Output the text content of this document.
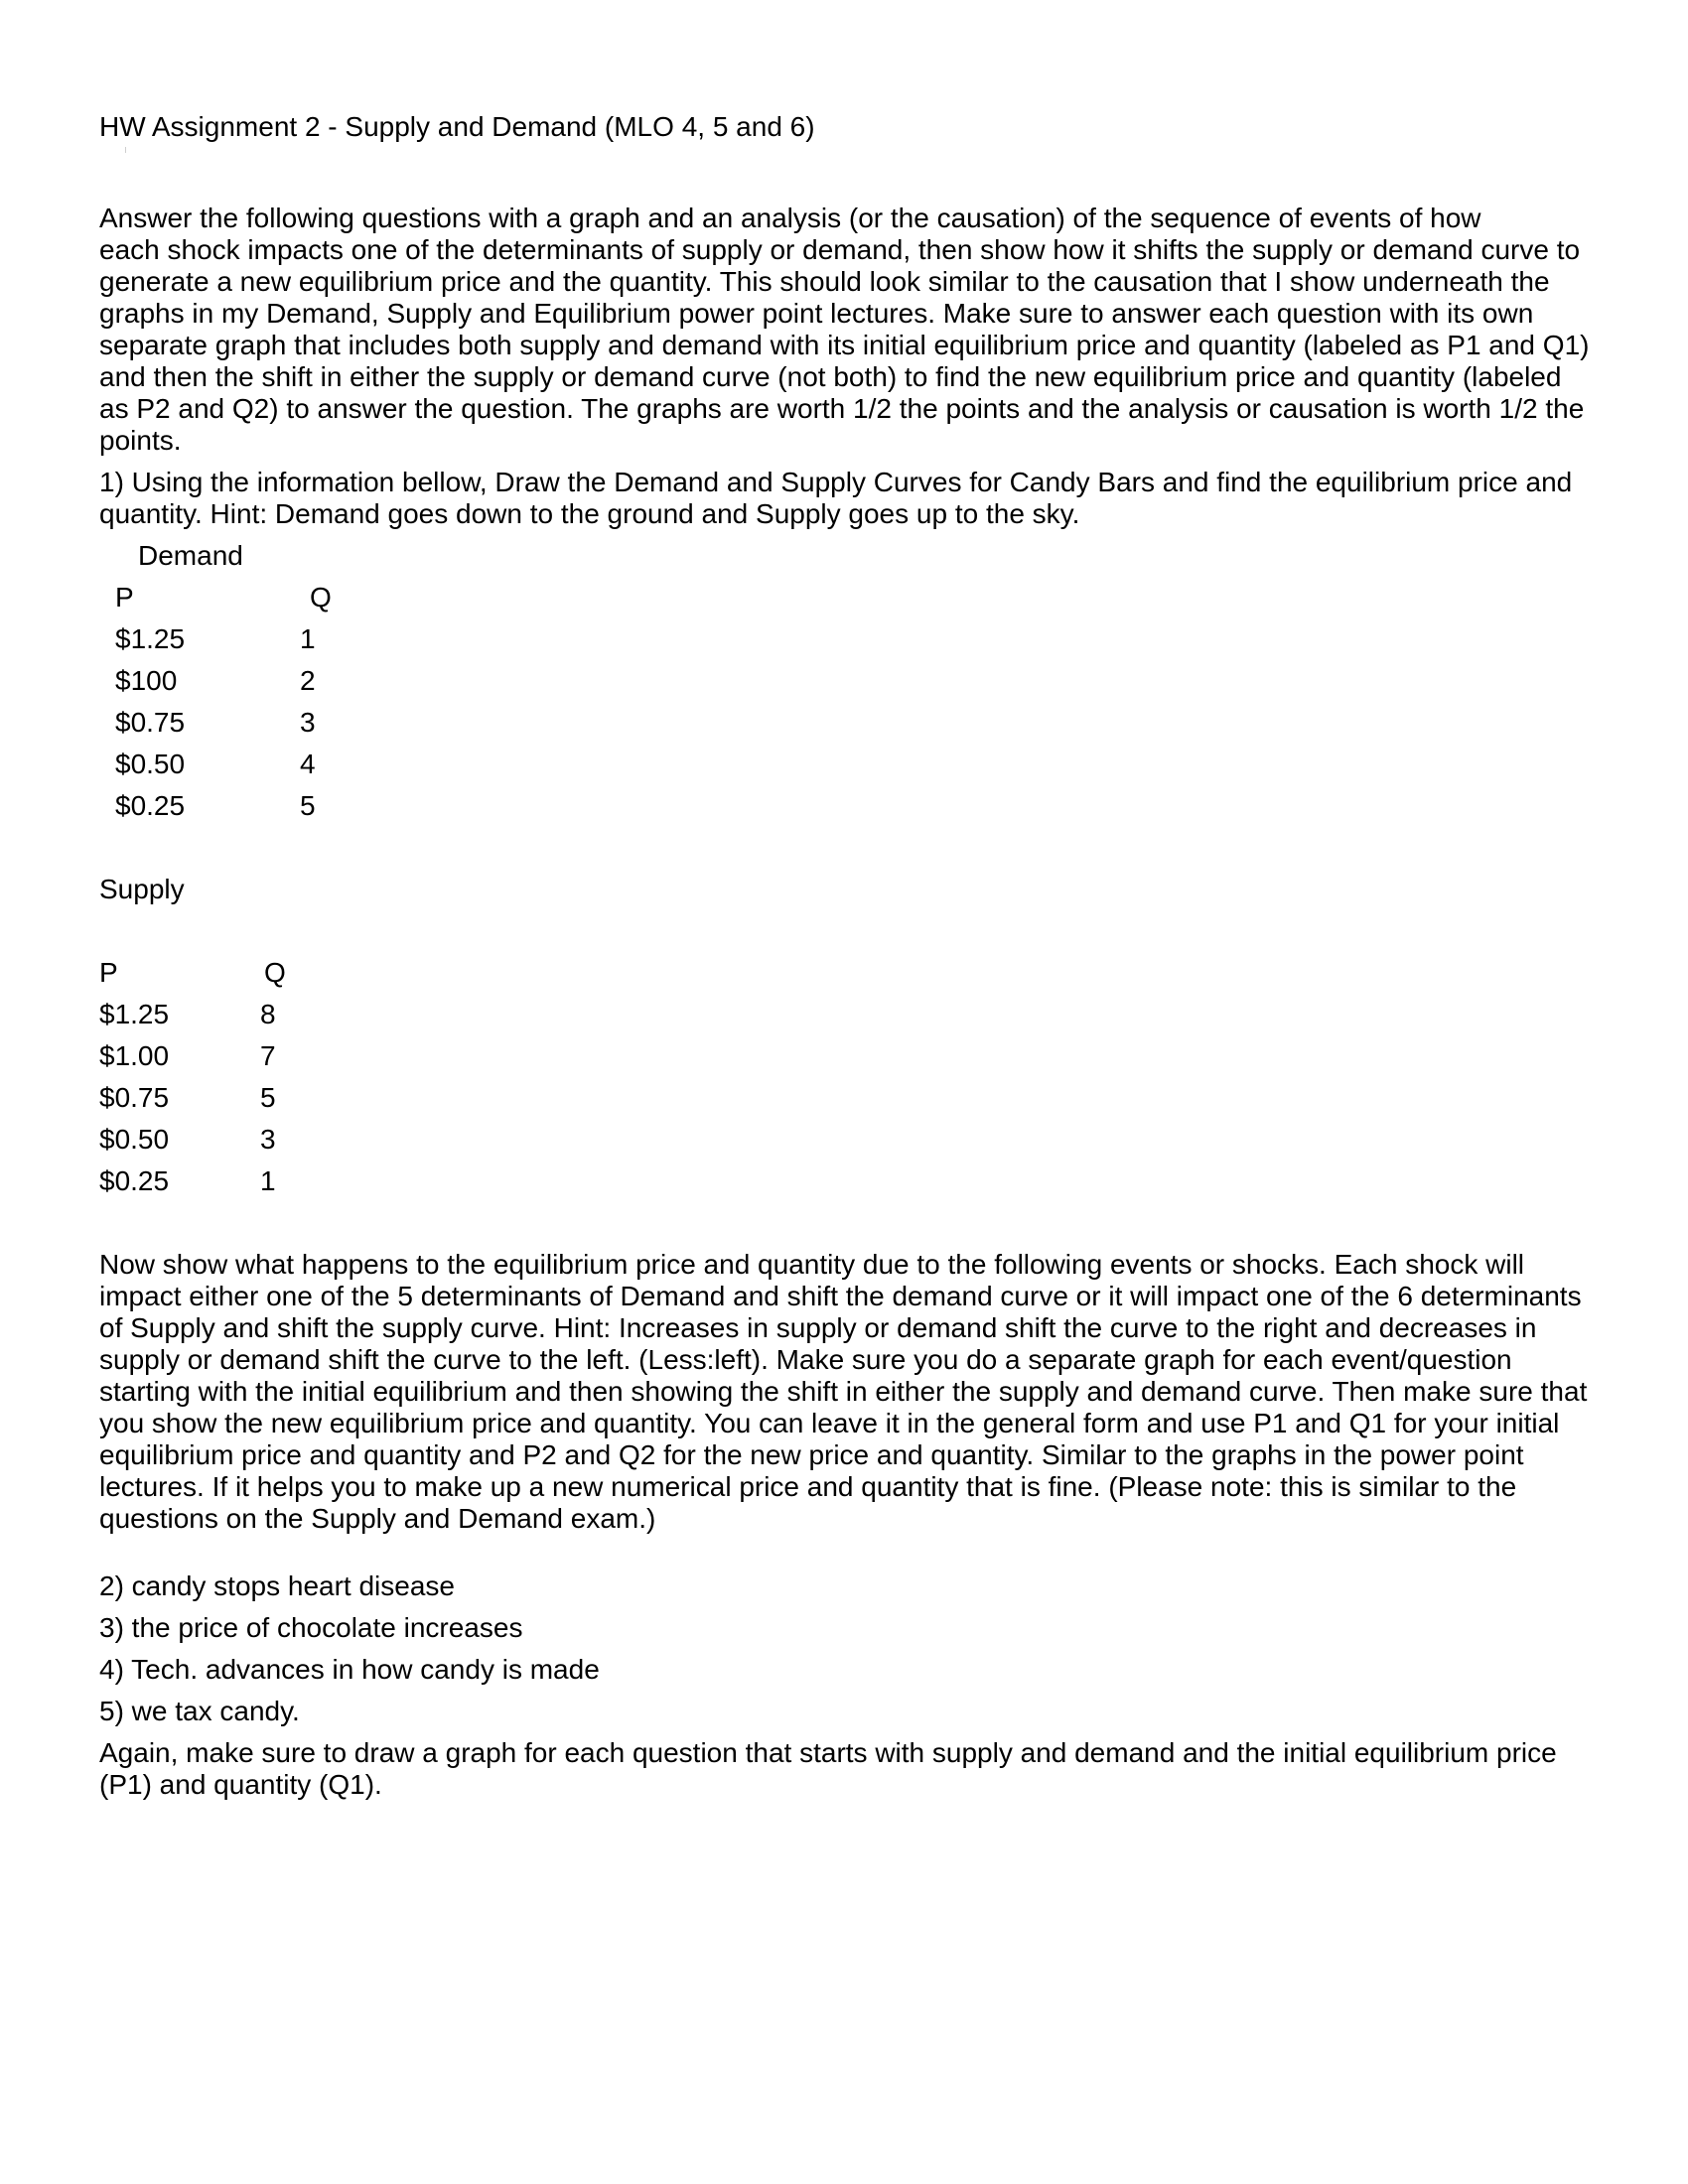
HW Assignment 2 - Supply and Demand (MLO 4, 5 and 6)
Answer the following questions with a graph and an analysis (or the causation) of the sequence of events of how
each shock impacts one of the determinants of supply or demand, then show how it shifts the supply or demand curve to
generate a new equilibrium price and the quantity. This should look similar to the causation that I show underneath the
graphs in my Demand, Supply and Equilibrium power point lectures. Make sure to answer each question with its own
separate graph that includes both supply and demand with its initial equilibrium price and quantity (labeled as P1 and Q1)
and then the shift in either the supply or demand curve (not both) to find the new equilibrium price and quantity (labeled
as P2 and Q2) to answer the question. The graphs are worth 1/2 the points and the analysis or causation is worth 1/2 the
points.
1) Using the information bellow, Draw the Demand and Supply Curves for Candy Bars and find the equilibrium price and
quantity. Hint: Demand goes down to the ground and Supply goes up to the sky.
Demand
P	Q
$1.25	1
$100	2
$0.75	3
$0.50	4
$0.25	5
Supply
P	Q
$1.25	8
$1.00	7
$0.75	5
$0.50	3
$0.25	1
Now show what happens to the equilibrium price and quantity due to the following events or shocks. Each shock will
impact either one of the 5 determinants of Demand and shift the demand curve or it will impact one of the 6 determinants
of Supply and shift the supply curve. Hint: Increases in supply or demand shift the curve to the right and decreases in
supply or demand shift the curve to the left. (Less:left). Make sure you do a separate graph for each event/question
starting with the initial equilibrium and then showing the shift in either the supply and demand curve. Then make sure that
you show the new equilibrium price and quantity. You can leave it in the general form and use P1 and Q1 for your initial
equilibrium price and quantity and P2 and Q2 for the new price and quantity. Similar to the graphs in the power point
lectures. If it helps you to make up a new numerical price and quantity that is fine. (Please note: this is similar to the
questions on the Supply and Demand exam.)
2) candy stops heart disease
3) the price of chocolate increases
4) Tech. advances in how candy is made
5) we tax candy.
Again, make sure to draw a graph for each question that starts with supply and demand and the initial equilibrium price
(P1) and quantity (Q1).
